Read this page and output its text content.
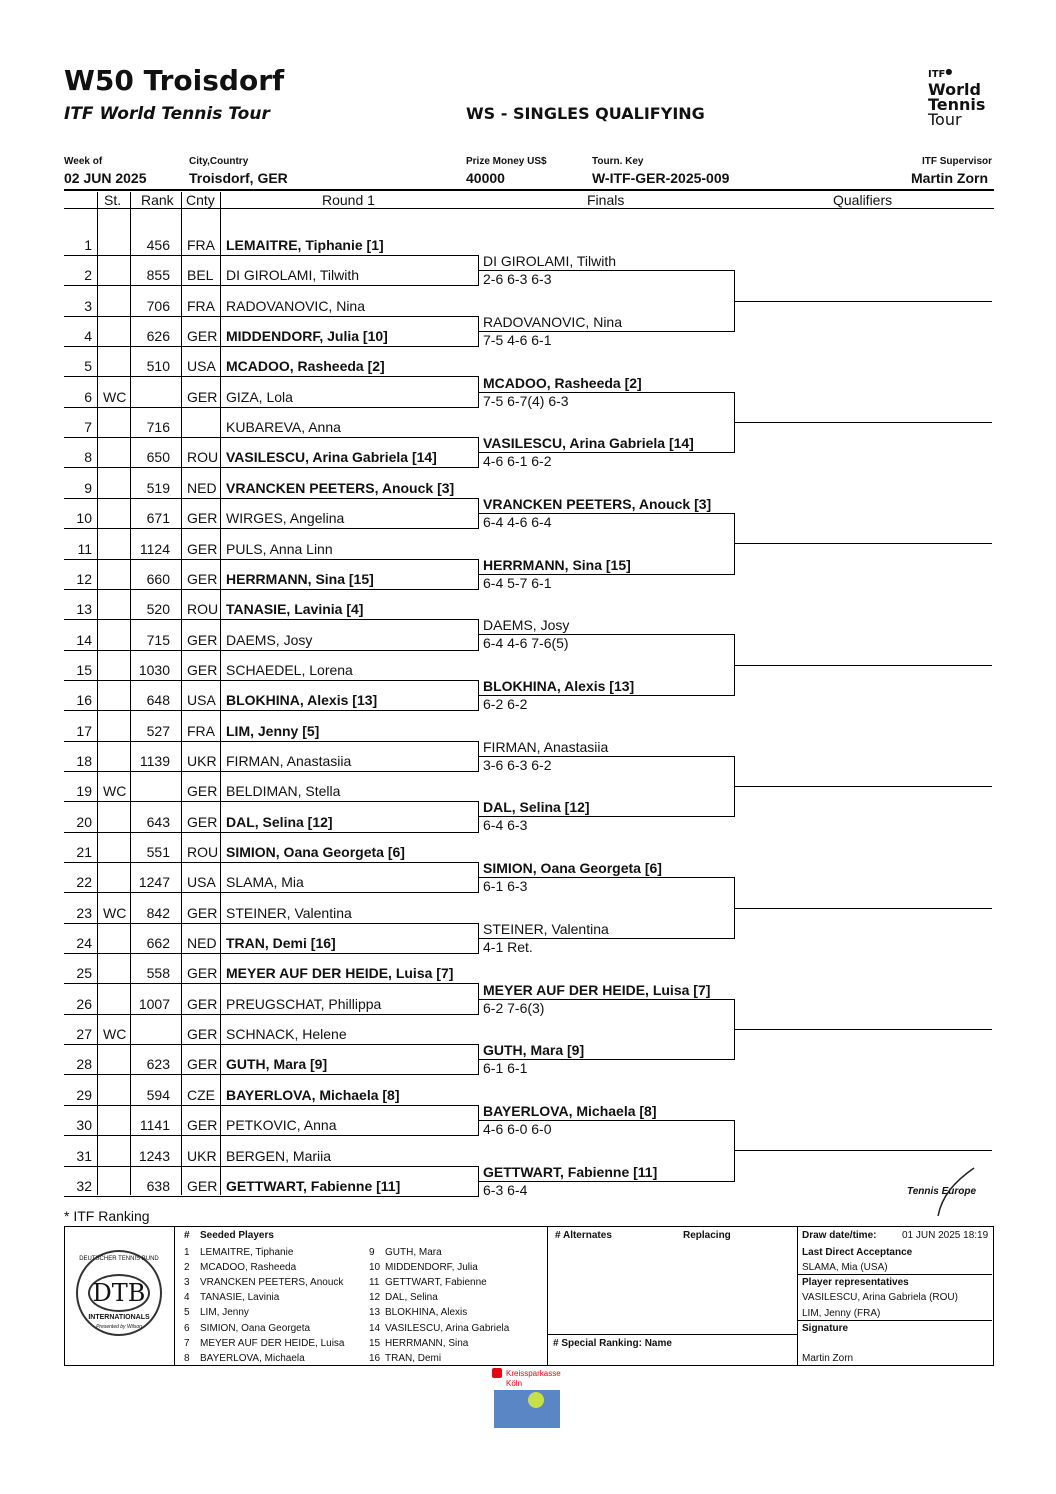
W50 Troisdorf
ITF World Tennis Tour	WS - SINGLES QUALIFYING
ITF●
World
Tennis
Tour
Week of
02 JUN 2025
City,Country
Troisdorf, GER
Prize Money US$
40000
Tourn. Key
W-ITF-GER-2025-009
ITF Supervisor
Martin Zorn
St. Rank Cnty	Round 1	Finals	Qualifiers
1	456 FRA LEMAITRE, Tiphanie [1]
2	855 BEL DI GIROLAMI, Tilwith
3	706 FRA RADOVANOVIC, Nina
4	626 GER MIDDENDORF, Julia [10]
5	510 USA MCADOO, Rasheeda [2]
6 WC	GER GIZA, Lola
7	716	KUBAREVA, Anna
8	650 ROU VASILESCU, Arina Gabriela [14]
9	519 NED VRANCKEN PEETERS, Anouck [3]
10	671 GER WIRGES, Angelina
11	1124 GER PULS, Anna Linn
12	660 GER HERRMANN, Sina [15]
13	520 ROU TANASIE, Lavinia [4]
14	715 GER DAEMS, Josy
15	1030 GER SCHAEDEL, Lorena
16	648 USA BLOKHINA, Alexis [13]
17	527 FRA LIM, Jenny [5]
18	1139 UKR FIRMAN, Anastasiia
19 WC	GER BELDIMAN, Stella
20	643 GER DAL, Selina [12]
21	551 ROU SIMION, Oana Georgeta [6]
22	1247 USA SLAMA, Mia
23 WC	842 GER STEINER, Valentina
24	662 NED TRAN, Demi [16]
25	558 GER MEYER AUF DER HEIDE, Luisa [7]
26	1007 GER PREUGSCHAT, Phillippa
27 WC	GER SCHNACK, Helene
28	623 GER GUTH, Mara [9]
29	594 CZE BAYERLOVA, Michaela [8]
30	1141 GER PETKOVIC, Anna
31	1243 UKR BERGEN, Mariia
32	638 GER GETTWART, Fabienne [11]
DI GIROLAMI, Tilwith
2-6 6-3 6-3
RADOVANOVIC, Nina
7-5 4-6 6-1
MCADOO, Rasheeda [2]
7-5 6-7(4) 6-3
VASILESCU, Arina Gabriela [14]
4-6 6-1 6-2
VRANCKEN PEETERS, Anouck [3]
6-4 4-6 6-4
HERRMANN, Sina [15]
6-4 5-7 6-1
DAEMS, Josy
6-4 4-6 7-6(5)
BLOKHINA, Alexis [13]
6-2 6-2
FIRMAN, Anastasiia
3-6 6-3 6-2
DAL, Selina [12]
6-4 6-3
SIMION, Oana Georgeta [6]
6-1 6-3
STEINER, Valentina
4-1 Ret.
MEYER AUF DER HEIDE, Luisa [7]
6-2 7-6(3)
GUTH, Mara [9]
6-1 6-1
BAYERLOVA, Michaela [8]
4-6 6-0 6-0
GETTWART, Fabienne [11]
6-3 6-4	Tennis Europe
* ITF Ranking
DEUTSCHER TENNIS BUND
DTB
INTERNATIONALS
Presented by Wilson
# Seeded Players
1	LEMAITRE, Tiphanie
2	MCADOO, Rasheeda
3	VRANCKEN PEETERS, Anouck
4	TANASIE, Lavinia
5	LIM, Jenny
6	SIMION, Oana Georgeta
7	MEYER AUF DER HEIDE, Luisa
8	BAYERLOVA, Michaela
9	GUTH, Mara
10 MIDDENDORF, Julia
11 GETTWART, Fabienne
12 DAL, Selina
13 BLOKHINA, Alexis
14 VASILESCU, Arina Gabriela
15 HERRMANN, Sina
16 TRAN, Demi
# Alternates	Replacing
# Special Ranking: Name
Draw date/time:	01 JUN 2025 18:19
Last Direct Acceptance
SLAMA, Mia (USA)
Player representatives
VASILESCU, Arina Gabriela (ROU)
LIM, Jenny (FRA)
Signature
Martin Zorn
Kreissparkasse
Köln
